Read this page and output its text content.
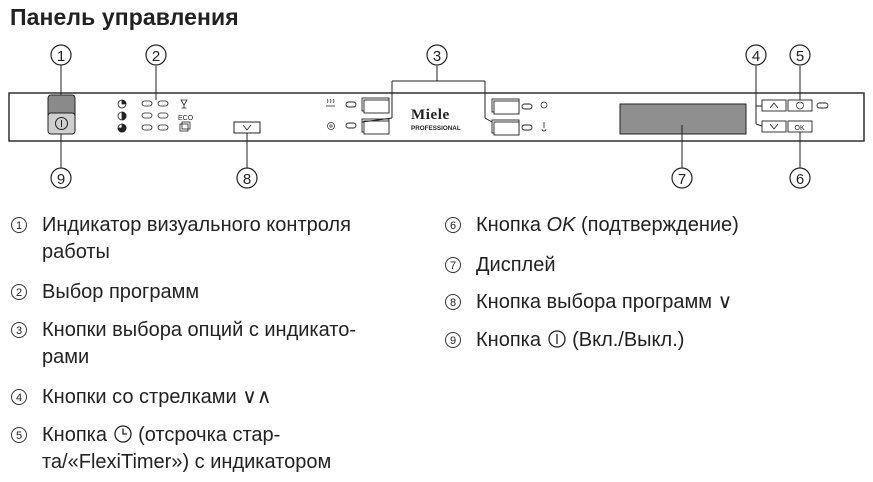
Панель управления
ECO	Miele
PROFESSIONAL	OK
1	2	3	4 5
6
7
8
9
1 Индикатор визуального контроля
работы
2 Выбор программ
3 Кнопки выбора опций с индикато-
рами
4 Кнопки со стрелками ∨∧
5 Кнопка  (отсрочка стар-
та/«FlexiTimer») с индикатором
6 Кнопка OK (подтверждение)
7 Дисплей
8 Кнопка выбора программ ∨
9 Кнопка  (Вкл./Выкл.)
